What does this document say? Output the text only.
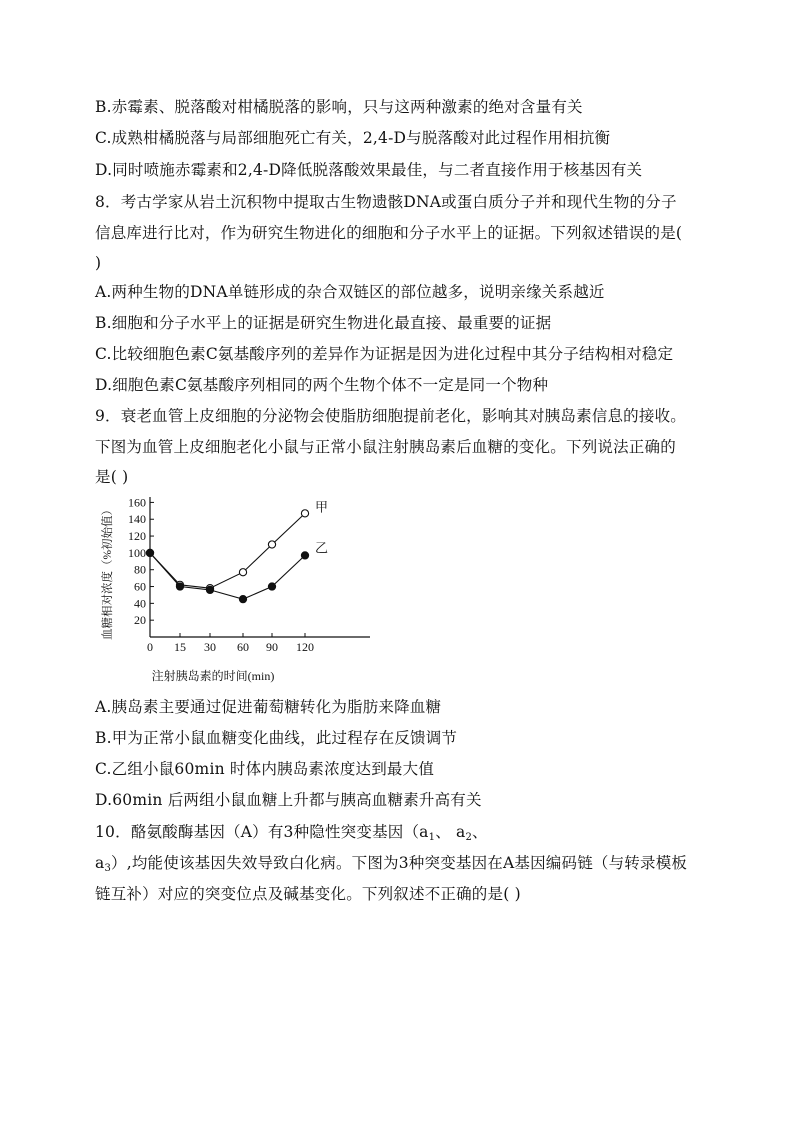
B.赤霉素、脱落酸对柑橘脱落的影响，只与这两种激素的绝对含量有关
C.成熟柑橘脱落与局部细胞死亡有关，2,4-D与脱落酸对此过程作用相抗衡
D.同时喷施赤霉素和2,4-D降低脱落酸效果最佳，与二者直接作用于核基因有关
8．考古学家从岩土沉积物中提取古生物遗骸DNA或蛋白质分子并和现代生物的分子
信息库进行比对，作为研究生物进化的细胞和分子水平上的证据。下列叙述错误的是(
)
A.两种生物的DNA单链形成的杂合双链区的部位越多，说明亲缘关系越近
B.细胞和分子水平上的证据是研究生物进化最直接、最重要的证据
C.比较细胞色素C氨基酸序列的差异作为证据是因为进化过程中其分子结构相对稳定
D.细胞色素C氨基酸序列相同的两个生物个体不一定是同一个物种
9．衰老血管上皮细胞的分泌物会使脂肪细胞提前老化，影响其对胰岛素信息的接收。
下图为血管上皮细胞老化小鼠与正常小鼠注射胰岛素后血糖的变化。下列说法正确的
是( )
20
40
60
80
100
120
140
160
0 15 30 60 90 120
注射胰岛素的时间(min)
血糖相对浓度（%初始值）	甲
乙
A.胰岛素主要通过促进葡萄糖转化为脂肪来降血糖
B.甲为正常小鼠血糖变化曲线，此过程存在反馈调节
C.乙组小鼠60min 时体内胰岛素浓度达到最大值
D.60min 后两组小鼠血糖上升都与胰高血糖素升高有关
10．酪氨酸酶基因（A）有3种隐性突变基因（$a_1$、 $a_2$、
$a_3$）,均能使该基因失效导致白化病。下图为3种突变基因在A基因编码链（与转录模板
链互补）对应的突变位点及碱基变化。下列叙述不正确的是( )
